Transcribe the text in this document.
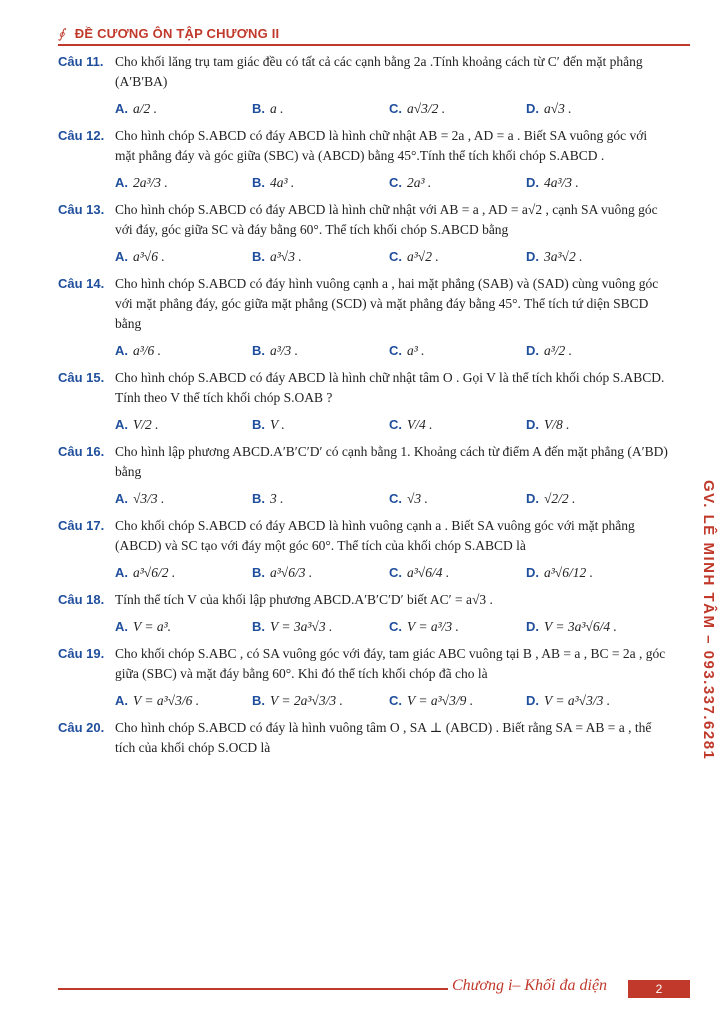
∮ ĐỀ CƯƠNG ÔN TẬP CHƯƠNG II
Câu 11. Cho khối lăng trụ tam giác đều có tất cả các cạnh bằng 2a .Tính khoảng cách từ C′ đến mặt phẳng (A′B′BA)
A. a/2 .	B. a .	C. a√3/2 .	D. a√3 .
Câu 12. Cho hình chóp S.ABCD có đáy ABCD là hình chữ nhật AB = 2a , AD = a . Biết SA vuông góc với mặt phẳng đáy và góc giữa (SBC) và (ABCD) bằng 45°.Tính thể tích khối chóp S.ABCD .
A. 2a³/3 .	B. 4a³ .	C. 2a³ .	D. 4a³/3 .
Câu 13. Cho hình chóp S.ABCD có đáy ABCD là hình chữ nhật với AB = a , AD = a√2 , cạnh SA vuông góc với đáy, góc giữa SC và đáy bằng 60°. Thể tích khối chóp S.ABCD bằng
A. a³√6 .	B. a³√3 .	C. a³√2 .	D. 3a³√2 .
Câu 14. Cho hình chóp S.ABCD có đáy hình vuông cạnh a , hai mặt phẳng (SAB) và (SAD) cùng vuông góc với mặt phẳng đáy, góc giữa mặt phẳng (SCD) và mặt phẳng đáy bằng 45°. Thể tích tứ diện SBCD bằng
A. a³/6 .	B. a³/3 .	C. a³ .	D. a³/2 .
Câu 15. Cho hình chóp S.ABCD có đáy ABCD là hình chữ nhật tâm O . Gọi V là thể tích khối chóp S.ABCD. Tính theo V thể tích khối chóp S.OAB ?
A. V/2 .	B. V .	C. V/4 .	D. V/8 .
Câu 16. Cho hình lập phương ABCD.A′B′C′D′ có cạnh bằng 1. Khoảng cách từ điểm A đến mặt phẳng (A′BD) bằng
A. √3/3 .	B. 3 .	C. √3 .	D. √2/2 .
Câu 17. Cho khối chóp S.ABCD có đáy ABCD là hình vuông cạnh a . Biết SA vuông góc với mặt phẳng (ABCD) và SC tạo với đáy một góc 60°. Thể tích của khối chóp S.ABCD là
A. a³√6/2 .	B. a³√6/3 .	C. a³√6/4 .	D. a³√6/12 .
Câu 18. Tính thể tích V của khối lập phương ABCD.A′B′C′D′ biết AC′ = a√3 .
A. V = a³.	B. V = 3a³√3 .	C. V = a³/3 .	D. V = 3a³√6/4 .
Câu 19. Cho khối chóp S.ABC , có SA vuông góc với đáy, tam giác ABC vuông tại B , AB = a , BC = 2a , góc giữa (SBC) và mặt đáy bằng 60°. Khi đó thể tích khối chóp đã cho là
A. V = a³√3/6 .	B. V = 2a³√3/3 .	C. V = a³√3/9 .	D. V = a³√3/3 .
Câu 20. Cho hình chóp S.ABCD có đáy là hình vuông tâm O , SA ⊥ (ABCD) . Biết rằng SA = AB = a , thể tích của khối chóp S.OCD là	GV. LÊ MINH TÂM – 093.337.6281
Chương i– Khối đa diện	2
